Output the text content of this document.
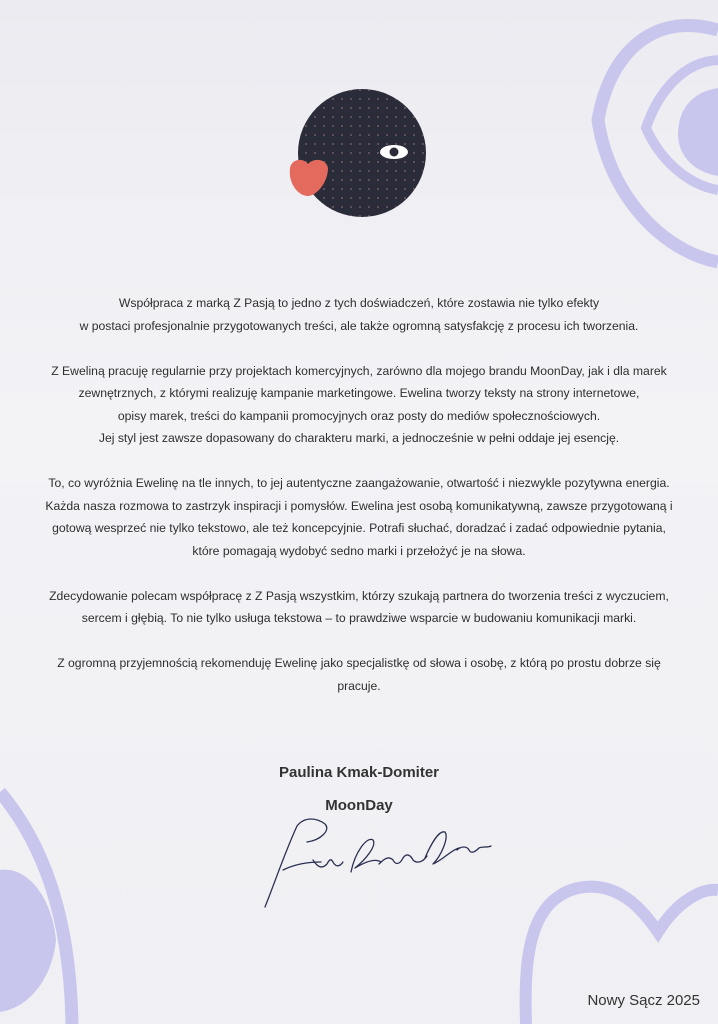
Współpraca z marką Z Pasją to jedno z tych doświadczeń, które zostawia nie tylko efekty
w postaci profesjonalnie przygotowanych treści, ale także ogromną satysfakcję z procesu ich tworzenia.

Z Eweliną pracuję regularnie przy projektach komercyjnych, zarówno dla mojego brandu MoonDay, jak i dla marek
zewnętrznych, z którymi realizuję kampanie marketingowe. Ewelina tworzy teksty na strony internetowe,
opisy marek, treści do kampanii promocyjnych oraz posty do mediów społecznościowych.
Jej styl jest zawsze dopasowany do charakteru marki, a jednocześnie w pełni oddaje jej esencję.

To, co wyróżnia Ewelinę na tle innych, to jej autentyczne zaangażowanie, otwartość i niezwykle pozytywna energia.
Każda nasza rozmowa to zastrzyk inspiracji i pomysłów. Ewelina jest osobą komunikatywną, zawsze przygotowaną i
gotową wesprzeć nie tylko tekstowo, ale też koncepcyjnie. Potrafi słuchać, doradzać i zadać odpowiednie pytania,
które pomagają wydobyć sedno marki i przełożyć je na słowa.

Zdecydowanie polecam współpracę z Z Pasją wszystkim, którzy szukają partnera do tworzenia treści z wyczuciem,
sercem i głębią. To nie tylko usługa tekstowa – to prawdziwe wsparcie w budowaniu komunikacji marki.

Z ogromną przyjemnością rekomenduję Ewelinę jako specjalistkę od słowa i osobę, z którą po prostu dobrze się
pracuje.

Paulina Kmak-Domiter
MoonDay
Nowy Sącz 2025
